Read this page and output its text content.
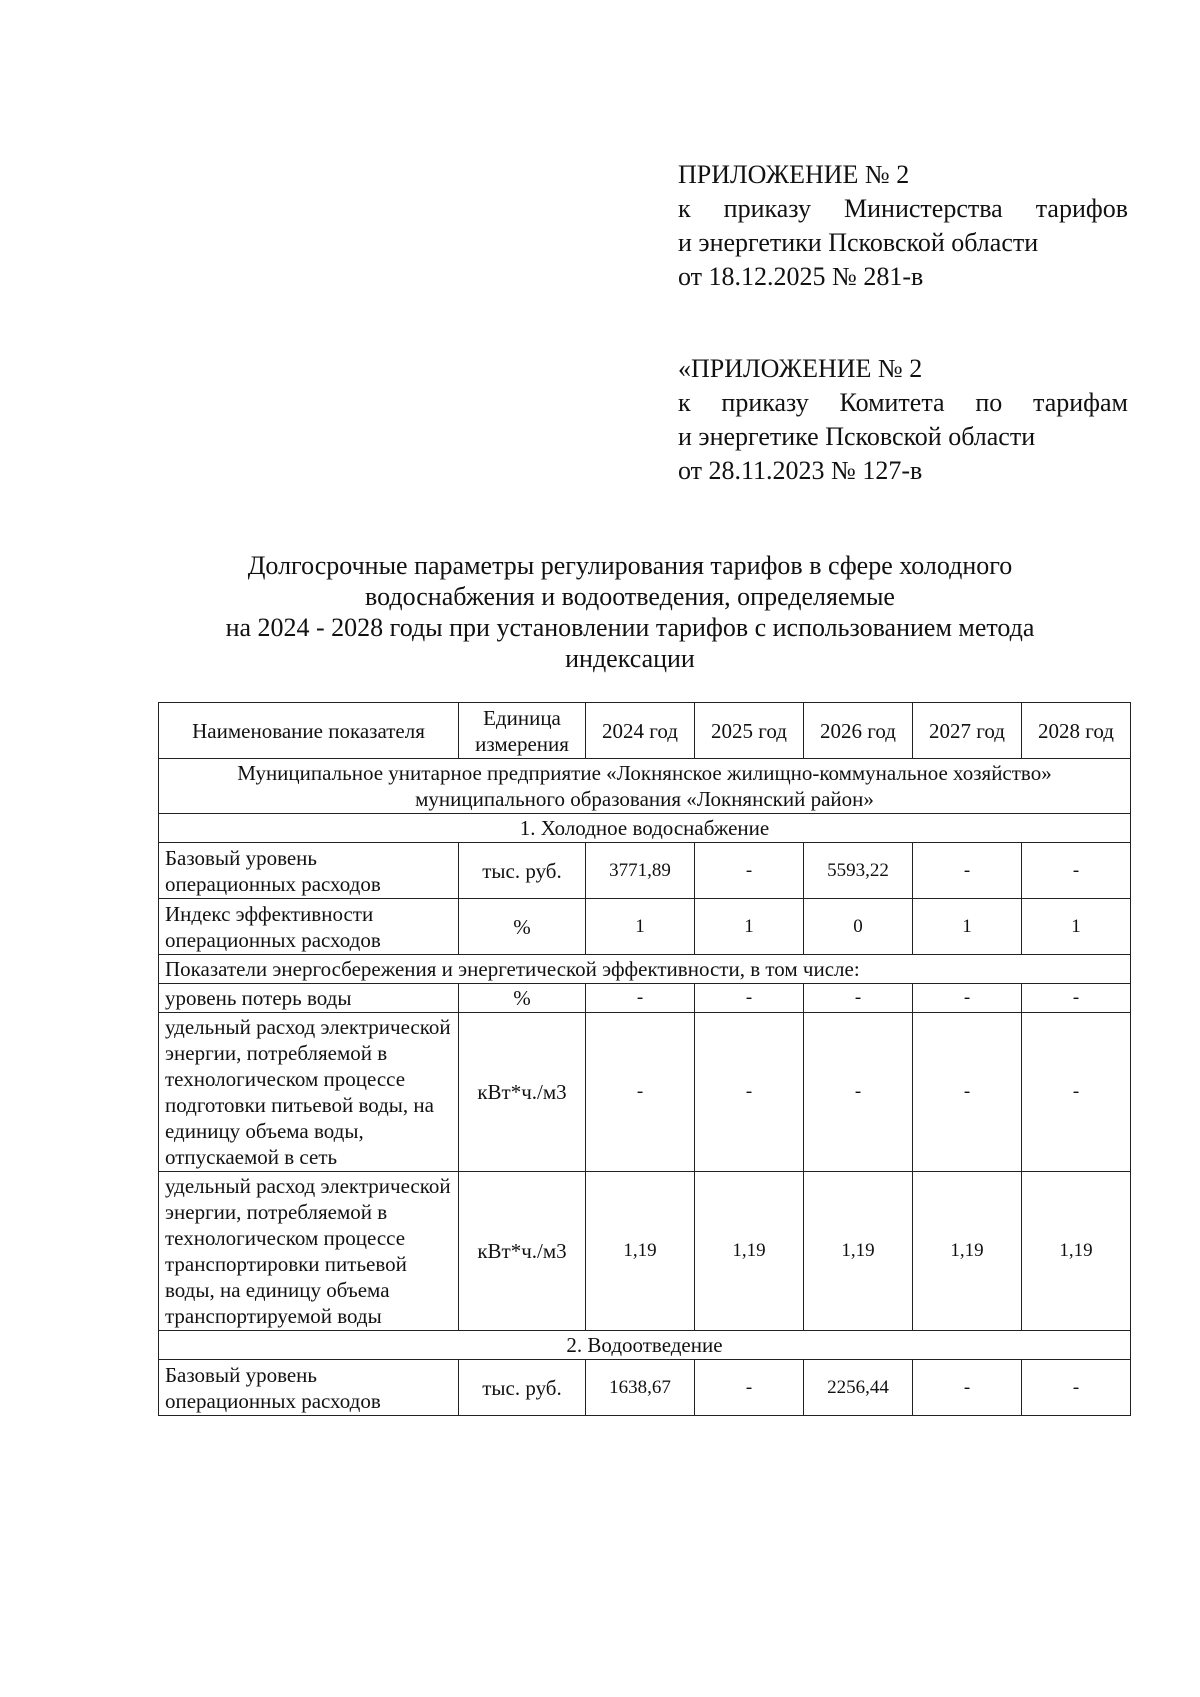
ПРИЛОЖЕНИЕ № 2
к приказу Министерства тарифов
и энергетики Псковской области
от 18.12.2025 № 281-в
«ПРИЛОЖЕНИЕ № 2
к приказу Комитета по тарифам
и энергетике Псковской области
от 28.11.2023 № 127-в
Долгосрочные параметры регулирования тарифов в сфере холодного
водоснабжения и водоотведения, определяемые
на 2024 - 2028 годы при установлении тарифов с использованием метода
индексации
Наименование показателя	Единица измерения	2024 год	2025 год	2026 год	2027 год	2028 год
Муниципальное унитарное предприятие «Локнянское жилищно-коммунальное хозяйство» муниципального образования «Локнянский район»						
1. Холодное водоснабжение						
Базовый уровень операционных расходов	тыс. руб.	3771,89	-	5593,22	-	-
Индекс эффективности операционных расходов	%	1	1	0	1	1
Показатели энергосбережения и энергетической эффективности, в том числе:						
уровень потерь воды	%	-	-	-	-	-
удельный расход электрической энергии, потребляемой в технологическом процессе подготовки питьевой воды, на единицу объема воды, отпускаемой в сеть	кВт*ч./м3	-	-	-	-	-
удельный расход электрической энергии, потребляемой в технологическом процессе транспортировки питьевой воды, на единицу объема транспортируемой воды	кВт*ч./м3	1,19	1,19	1,19	1,19	1,19
2. Водоотведение						
Базовый уровень операционных расходов	тыс. руб.	1638,67	-	2256,44	-	-
